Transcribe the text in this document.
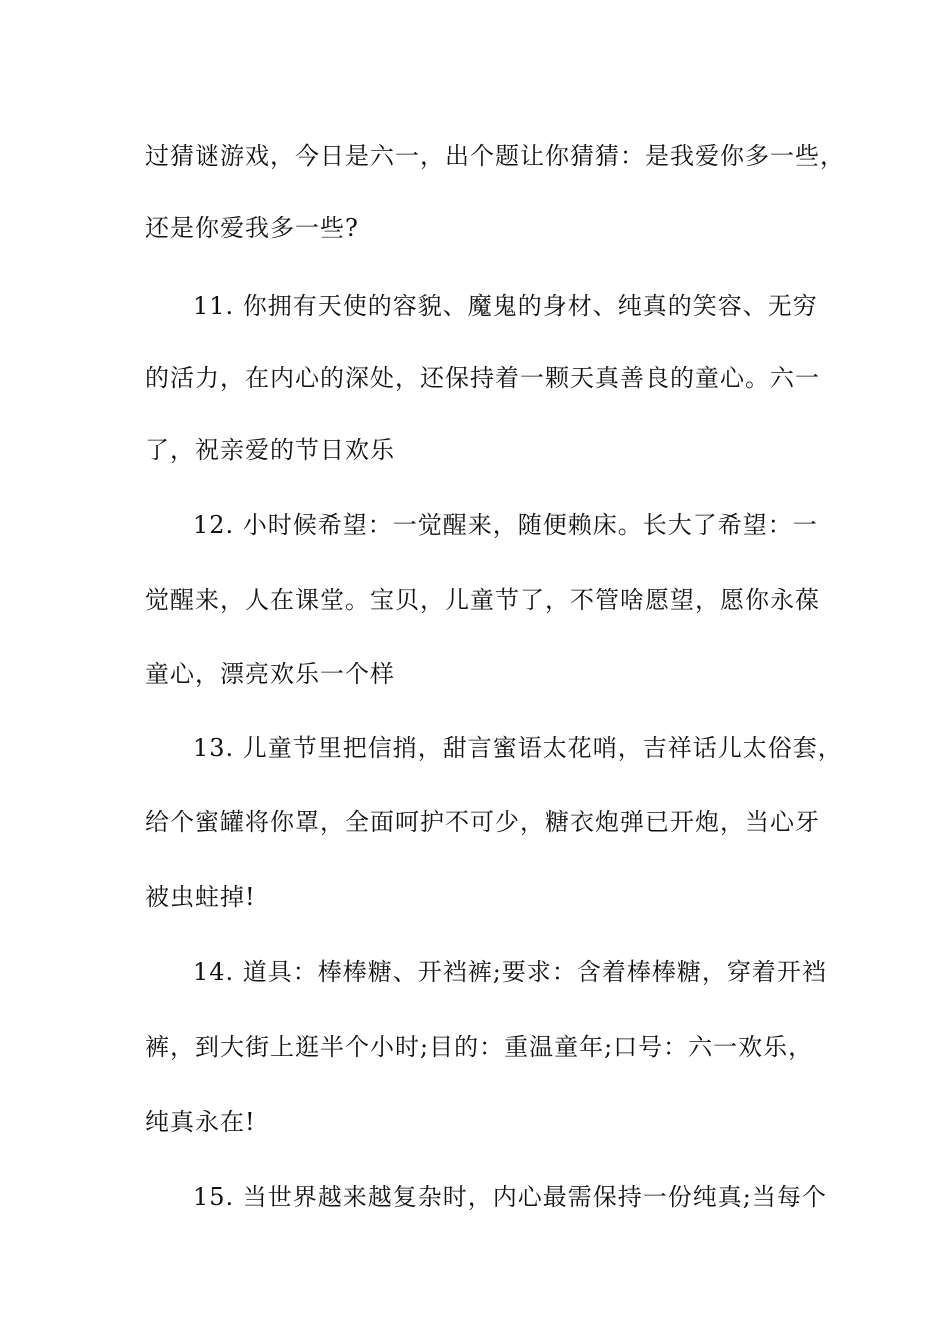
过猜谜游戏，今日是六一，出个题让你猜猜：是我爱你多一些，
还是你爱我多一些?
11. 你拥有天使的容貌、魔鬼的身材、纯真的笑容、无穷
的活力，在内心的深处，还保持着一颗天真善良的童心。六一
了，祝亲爱的节日欢乐
12. 小时候希望：一觉醒来，随便赖床。长大了希望：一
觉醒来，人在课堂。宝贝，儿童节了，不管啥愿望，愿你永葆
童心，漂亮欢乐一个样
13. 儿童节里把信捎，甜言蜜语太花哨，吉祥话儿太俗套，
给个蜜罐将你罩，全面呵护不可少，糖衣炮弹已开炮，当心牙
被虫蛀掉!
14. 道具：棒棒糖、开裆裤;要求：含着棒棒糖，穿着开裆
裤，到大街上逛半个小时;目的：重温童年;口号：六一欢乐，
纯真永在!
15. 当世界越来越复杂时，内心最需保持一份纯真;当每个
